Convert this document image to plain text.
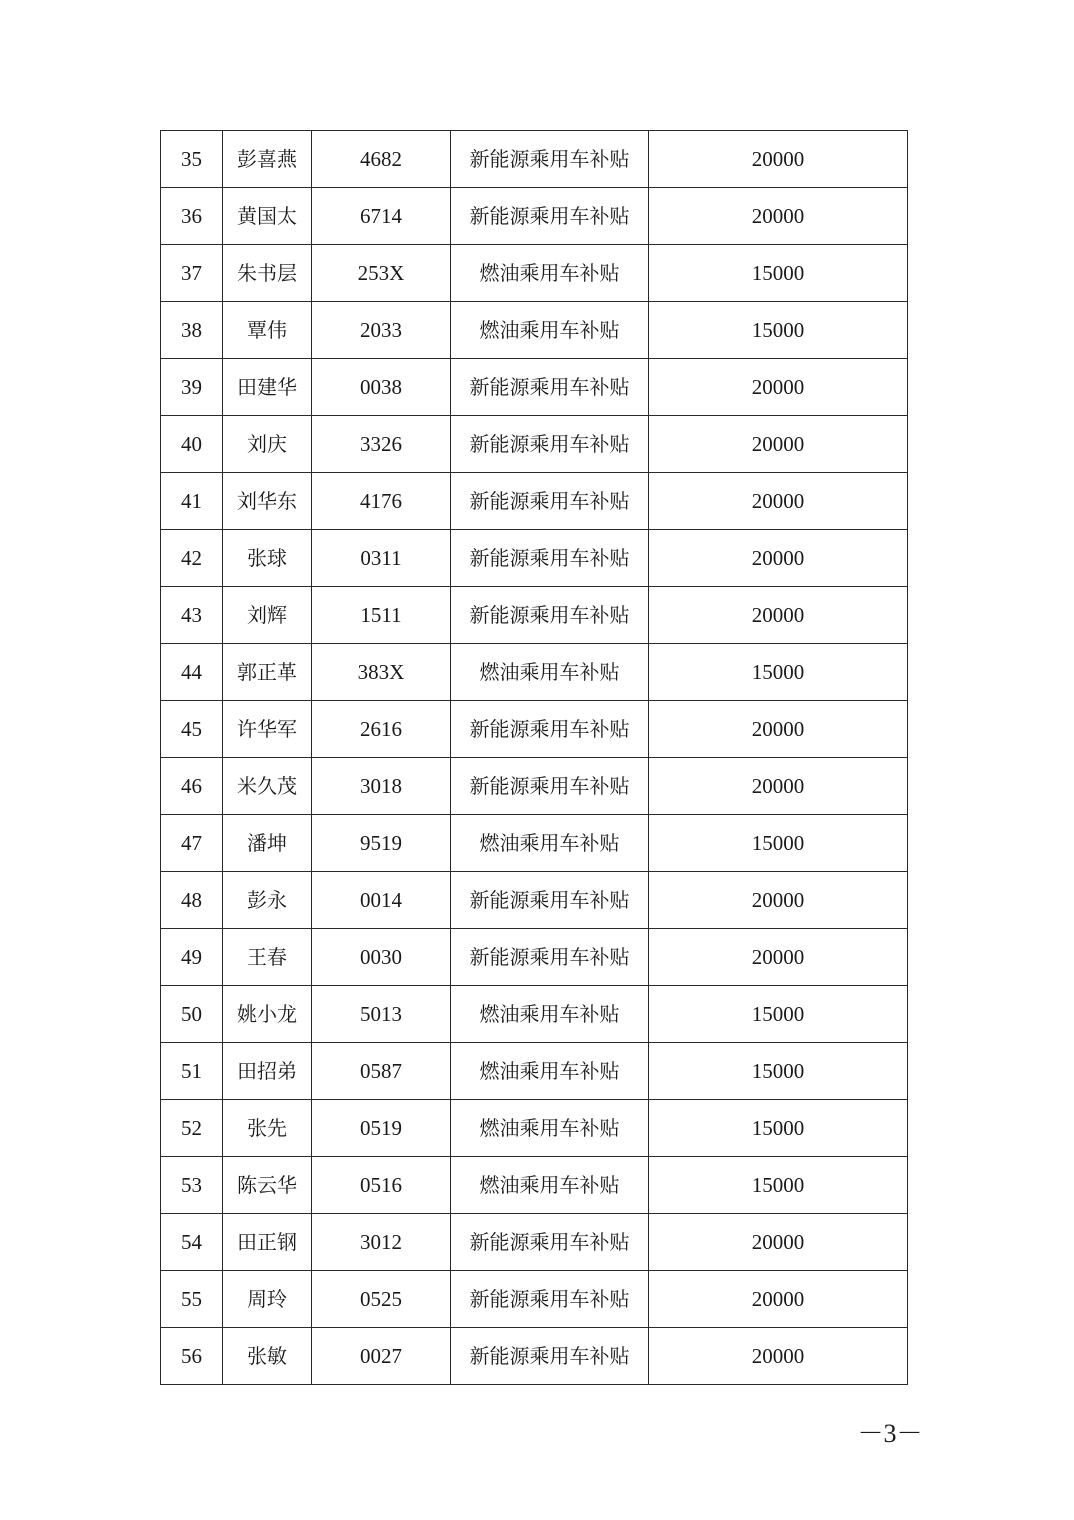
35	彭喜燕	4682	新能源乘用车补贴	20000
36	黄国太	6714	新能源乘用车补贴	20000
37	朱书层	253X	燃油乘用车补贴	15000
38	覃伟	2033	燃油乘用车补贴	15000
39	田建华	0038	新能源乘用车补贴	20000
40	刘庆	3326	新能源乘用车补贴	20000
41	刘华东	4176	新能源乘用车补贴	20000
42	张球	0311	新能源乘用车补贴	20000
43	刘辉	1511	新能源乘用车补贴	20000
44	郭正革	383X	燃油乘用车补贴	15000
45	许华军	2616	新能源乘用车补贴	20000
46	米久茂	3018	新能源乘用车补贴	20000
47	潘坤	9519	燃油乘用车补贴	15000
48	彭永	0014	新能源乘用车补贴	20000
49	王春	0030	新能源乘用车补贴	20000
50	姚小龙	5013	燃油乘用车补贴	15000
51	田招弟	0587	燃油乘用车补贴	15000
52	张先	0519	燃油乘用车补贴	15000
53	陈云华	0516	燃油乘用车补贴	15000
54	田正钢	3012	新能源乘用车补贴	20000
55	周玲	0525	新能源乘用车补贴	20000
56	张敏	0027	新能源乘用车补贴	20000
－3－
